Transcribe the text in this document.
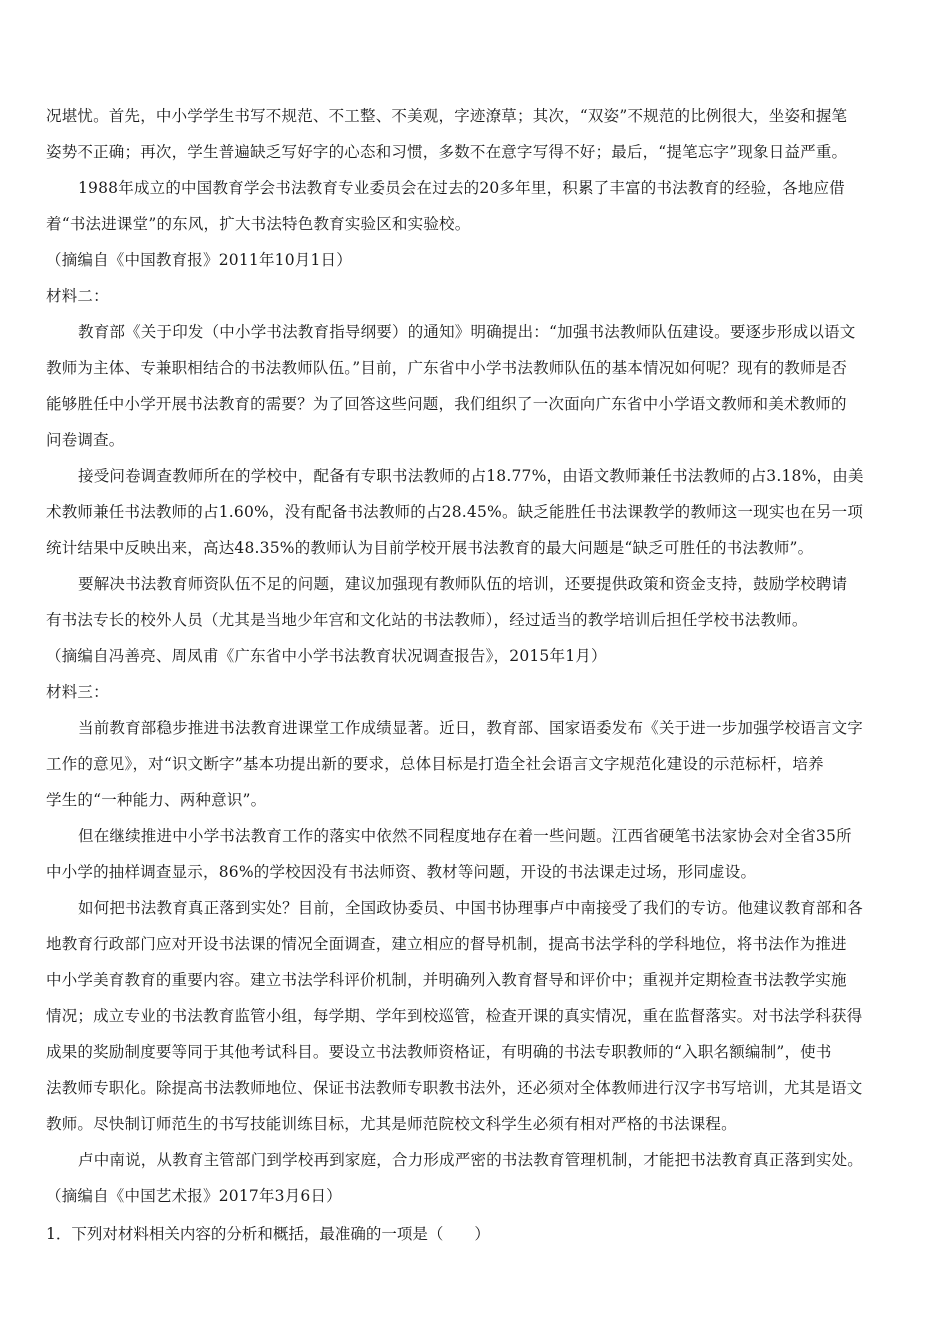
况堪忧。首先，中小学学生书写不规范、不工整、不美观，字迹潦草；其次，“双姿”不规范的比例很大，坐姿和握笔
姿势不正确；再次，学生普遍缺乏写好字的心态和习惯，多数不在意字写得不好；最后，“提笔忘字”现象日益严重。
1988年成立的中国教育学会书法教育专业委员会在过去的20多年里，积累了丰富的书法教育的经验，各地应借
着“书法进课堂”的东风，扩大书法特色教育实验区和实验校。
（摘编自《中国教育报》2011年10月1日）
材料二：
教育部《关于印发（中小学书法教育指导纲要）的通知》明确提出：“加强书法教师队伍建设。要逐步形成以语文
教师为主体、专兼职相结合的书法教师队伍。”目前，广东省中小学书法教师队伍的基本情况如何呢？现有的教师是否
能够胜任中小学开展书法教育的需要？为了回答这些问题，我们组织了一次面向广东省中小学语文教师和美术教师的
问卷调查。
接受问卷调查教师所在的学校中，配备有专职书法教师的占18.77%，由语文教师兼任书法教师的占3.18%，由美
术教师兼任书法教师的占1.60%，没有配备书法教师的占28.45%。缺乏能胜任书法课教学的教师这一现实也在另一项
统计结果中反映出来，高达48.35%的教师认为目前学校开展书法教育的最大问题是“缺乏可胜任的书法教师”。
要解决书法教育师资队伍不足的问题，建议加强现有教师队伍的培训，还要提供政策和资金支持，鼓励学校聘请
有书法专长的校外人员（尤其是当地少年宫和文化站的书法教师），经过适当的教学培训后担任学校书法教师。
（摘编自冯善亮、周凤甫《广东省中小学书法教育状况调查报告》，2015年1月）
材料三：
当前教育部稳步推进书法教育进课堂工作成绩显著。近日，教育部、国家语委发布《关于进一步加强学校语言文字
工作的意见》，对“识文断字”基本功提出新的要求，总体目标是打造全社会语言文字规范化建设的示范标杆，培养
学生的“一种能力、两种意识”。
但在继续推进中小学书法教育工作的落实中依然不同程度地存在着一些问题。江西省硬笔书法家协会对全省35所
中小学的抽样调查显示，86%的学校因没有书法师资、教材等问题，开设的书法课走过场，形同虚设。
如何把书法教育真正落到实处？目前，全国政协委员、中国书协理事卢中南接受了我们的专访。他建议教育部和各
地教育行政部门应对开设书法课的情况全面调查，建立相应的督导机制，提高书法学科的学科地位，将书法作为推进
中小学美育教育的重要内容。建立书法学科评价机制，并明确列入教育督导和评价中；重视并定期检查书法教学实施
情况；成立专业的书法教育监管小组，每学期、学年到校巡管，检查开课的真实情况，重在监督落实。对书法学科获得
成果的奖励制度要等同于其他考试科目。要设立书法教师资格证，有明确的书法专职教师的“入职名额编制”，使书
法教师专职化。除提高书法教师地位、保证书法教师专职教书法外，还必须对全体教师进行汉字书写培训，尤其是语文
教师。尽快制订师范生的书写技能训练目标，尤其是师范院校文科学生必须有相对严格的书法课程。
卢中南说，从教育主管部门到学校再到家庭，合力形成严密的书法教育管理机制，才能把书法教育真正落到实处。
（摘编自《中国艺术报》2017年3月6日）
1．下列对材料相关内容的分析和概括，最准确的一项是（　　）
